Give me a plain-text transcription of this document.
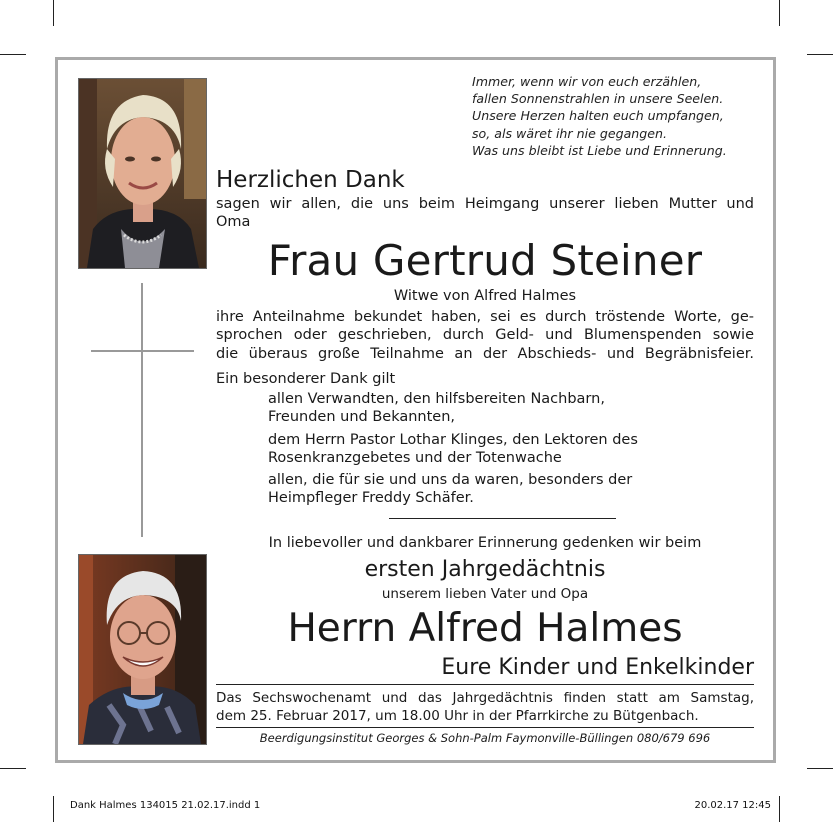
Immer, wenn wir von euch erzählen,
fallen Sonnenstrahlen in unsere Seelen.
Unsere Herzen halten euch umpfangen,
so, als wäret ihr nie gegangen.
Was uns bleibt ist Liebe und Erinnerung.
Herzlichen Dank
sagen wir allen, die uns beim Heimgang unserer lieben Mutter und
Oma
Frau Gertrud Steiner
Witwe von Alfred Halmes
ihre Anteilnahme bekundet haben, sei es durch tröstende Worte, ge-
sprochen oder geschrieben, durch Geld- und Blumenspenden sowie
die überaus große Teilnahme an der Abschieds- und Begräbnisfeier.
Ein besonderer Dank gilt
allen Verwandten, den hilfsbereiten Nachbarn,
Freunden und Bekannten,
dem Herrn Pastor Lothar Klinges, den Lektoren des
Rosenkranzgebetes und der Totenwache
allen, die für sie und uns da waren, besonders der
Heimpfleger Freddy Schäfer.
In liebevoller und dankbarer Erinnerung gedenken wir beim
ersten Jahrgedächtnis
unserem lieben Vater und Opa
Herrn Alfred Halmes
Eure Kinder und Enkelkinder
Das Sechswochenamt und das Jahrgedächtnis finden statt am Samstag,
dem 25. Februar 2017, um 18.00 Uhr in der Pfarrkirche zu Bütgenbach.
Beerdigungsinstitut Georges & Sohn-Palm Faymonville-Büllingen 080/679 696
Dank Halmes 134015 21.02.17.indd 1	20.02.17 12:45
